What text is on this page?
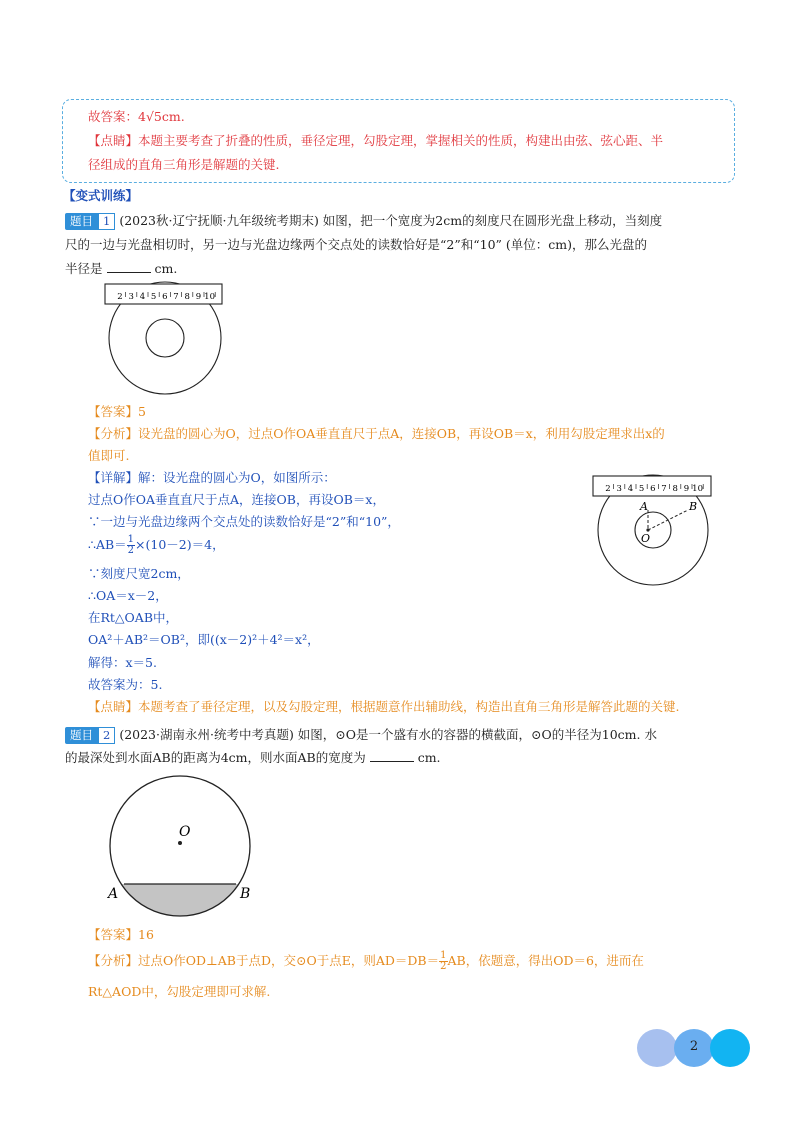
故答案：4√5cm.
【点睛】本题主要考查了折叠的性质，垂径定理，勾股定理，掌握相关的性质，构建出由弦、弦心距、半
径组成的直角三角形是解题的关键.
【变式训练】
题目 1 (2023秋·辽宁抚顺·九年级统考期末) 如图，把一个宽度为2cm的刻度尺在圆形光盘上移动，当刻度
尺的一边与光盘相切时，另一边与光盘边缘两个交点处的读数恰好是“2”和“10” (单位：cm)，那么光盘的
半径是	cm.
2 3 4 5 6 7 8 9 10
【答案】5
【分析】设光盘的圆心为O，过点O作OA垂直直尺于点A，连接OB，再设OB＝x，利用勾股定理求出x的
值即可.
【详解】解：设光盘的圆心为O，如图所示：
过点O作OA垂直直尺于点A，连接OB，再设OB＝x，
∵一边与光盘边缘两个交点处的读数恰好是“2”和“10”，
∴AB＝ $\frac{1}{2} \times(10-2)=4$，
∵刻度尺宽2cm，
∴OA＝x－2，
在Rt△OAB中，
OA²＋AB²＝OB²，即((x－2)²＋4²＝x²，
解得：x＝5.
故答案为：5.
【点睛】本题考查了垂径定理，以及勾股定理，根据题意作出辅助线，构造出直角三角形是解答此题的关键.
2 3 4 5 6 7 8 9 10
A	B
O
题目 2 (2023·湖南永州·统考中考真题) 如图，⊙O是一个盛有水的容器的横截面，⊙O的半径为10cm. 水
的最深处到水面AB的距离为4cm，则水面AB的宽度为	cm.
O
A	B
【答案】16
【分析】过点O作OD⊥AB于点D，交⊙O于点E，则$AD=DB= \frac{1}{2}$ AB，依题意，得出OD＝6，进而在
Rt△AOD中，勾股定理即可求解.
2
